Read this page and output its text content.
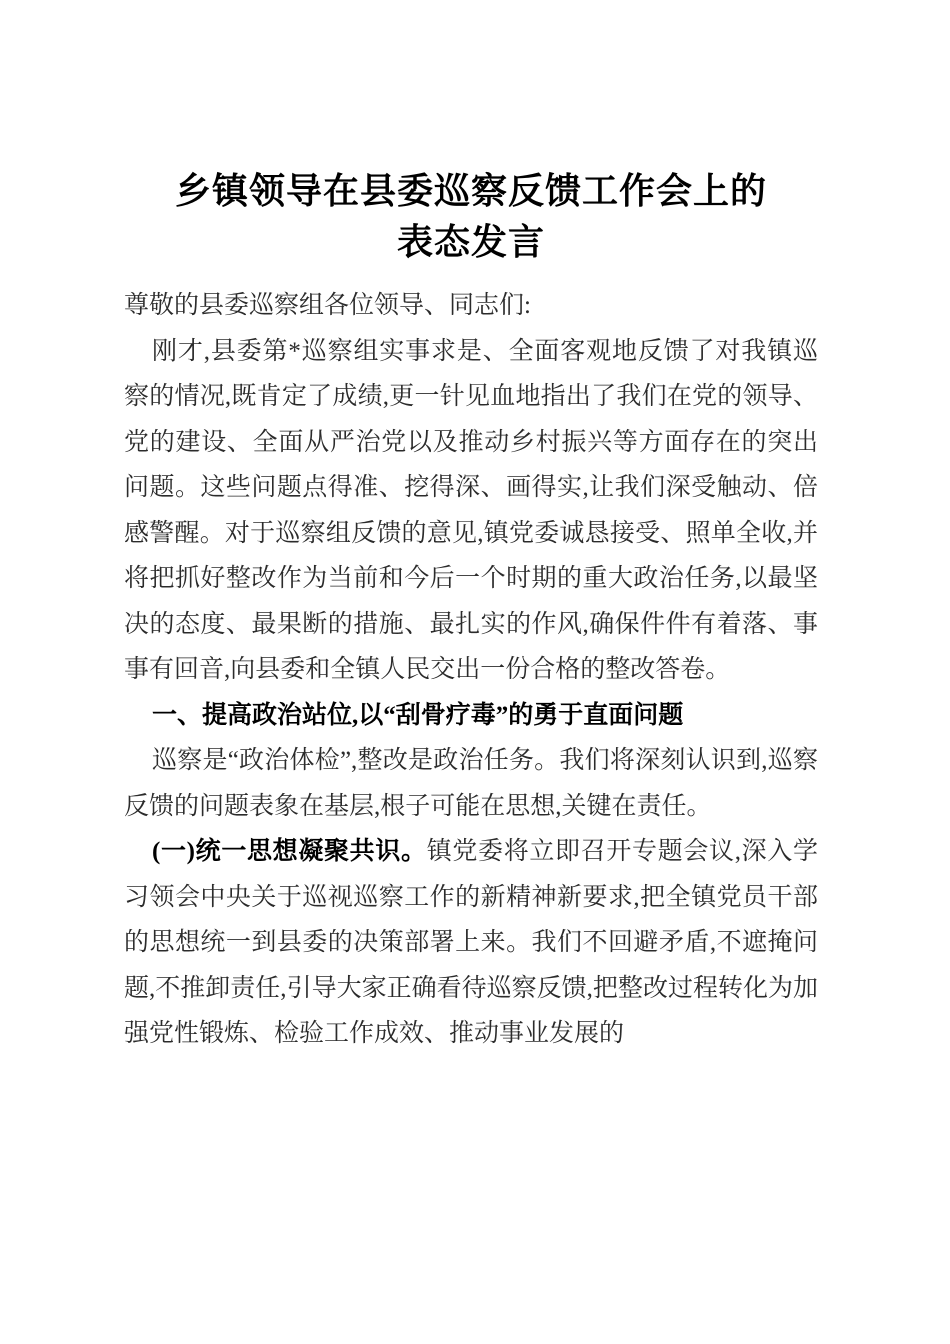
乡镇领导在县委巡察反馈工作会上的
表态发言

尊敬的县委巡察组各位领导、同志们:

刚才,县委第*巡察组实事求是、全面客观地反馈了对我镇巡察的情况,既肯定了成绩,更一针见血地指出了我们在党的领导、党的建设、全面从严治党以及推动乡村振兴等方面存在的突出问题。这些问题点得准、挖得深、画得实,让我们深受触动、倍感警醒。对于巡察组反馈的意见,镇党委诚恳接受、照单全收,并将把抓好整改作为当前和今后一个时期的重大政治任务,以最坚决的态度、最果断的措施、最扎实的作风,确保件件有着落、事事有回音,向县委和全镇人民交出一份合格的整改答卷。

一、提高政治站位,以“刮骨疗毒”的勇于直面问题

巡察是“政治体检”,整改是政治任务。我们将深刻认识到,巡察反馈的问题表象在基层,根子可能在思想,关键在责任。

(一)统一思想凝聚共识。镇党委将立即召开专题会议,深入学习领会中央关于巡视巡察工作的新精神新要求,把全镇党员干部的思想统一到县委的决策部署上来。我们不回避矛盾,不遮掩问题,不推卸责任,引导大家正确看待巡察反馈,把整改过程转化为加强党性锻炼、检验工作成效、推动事业发展的
